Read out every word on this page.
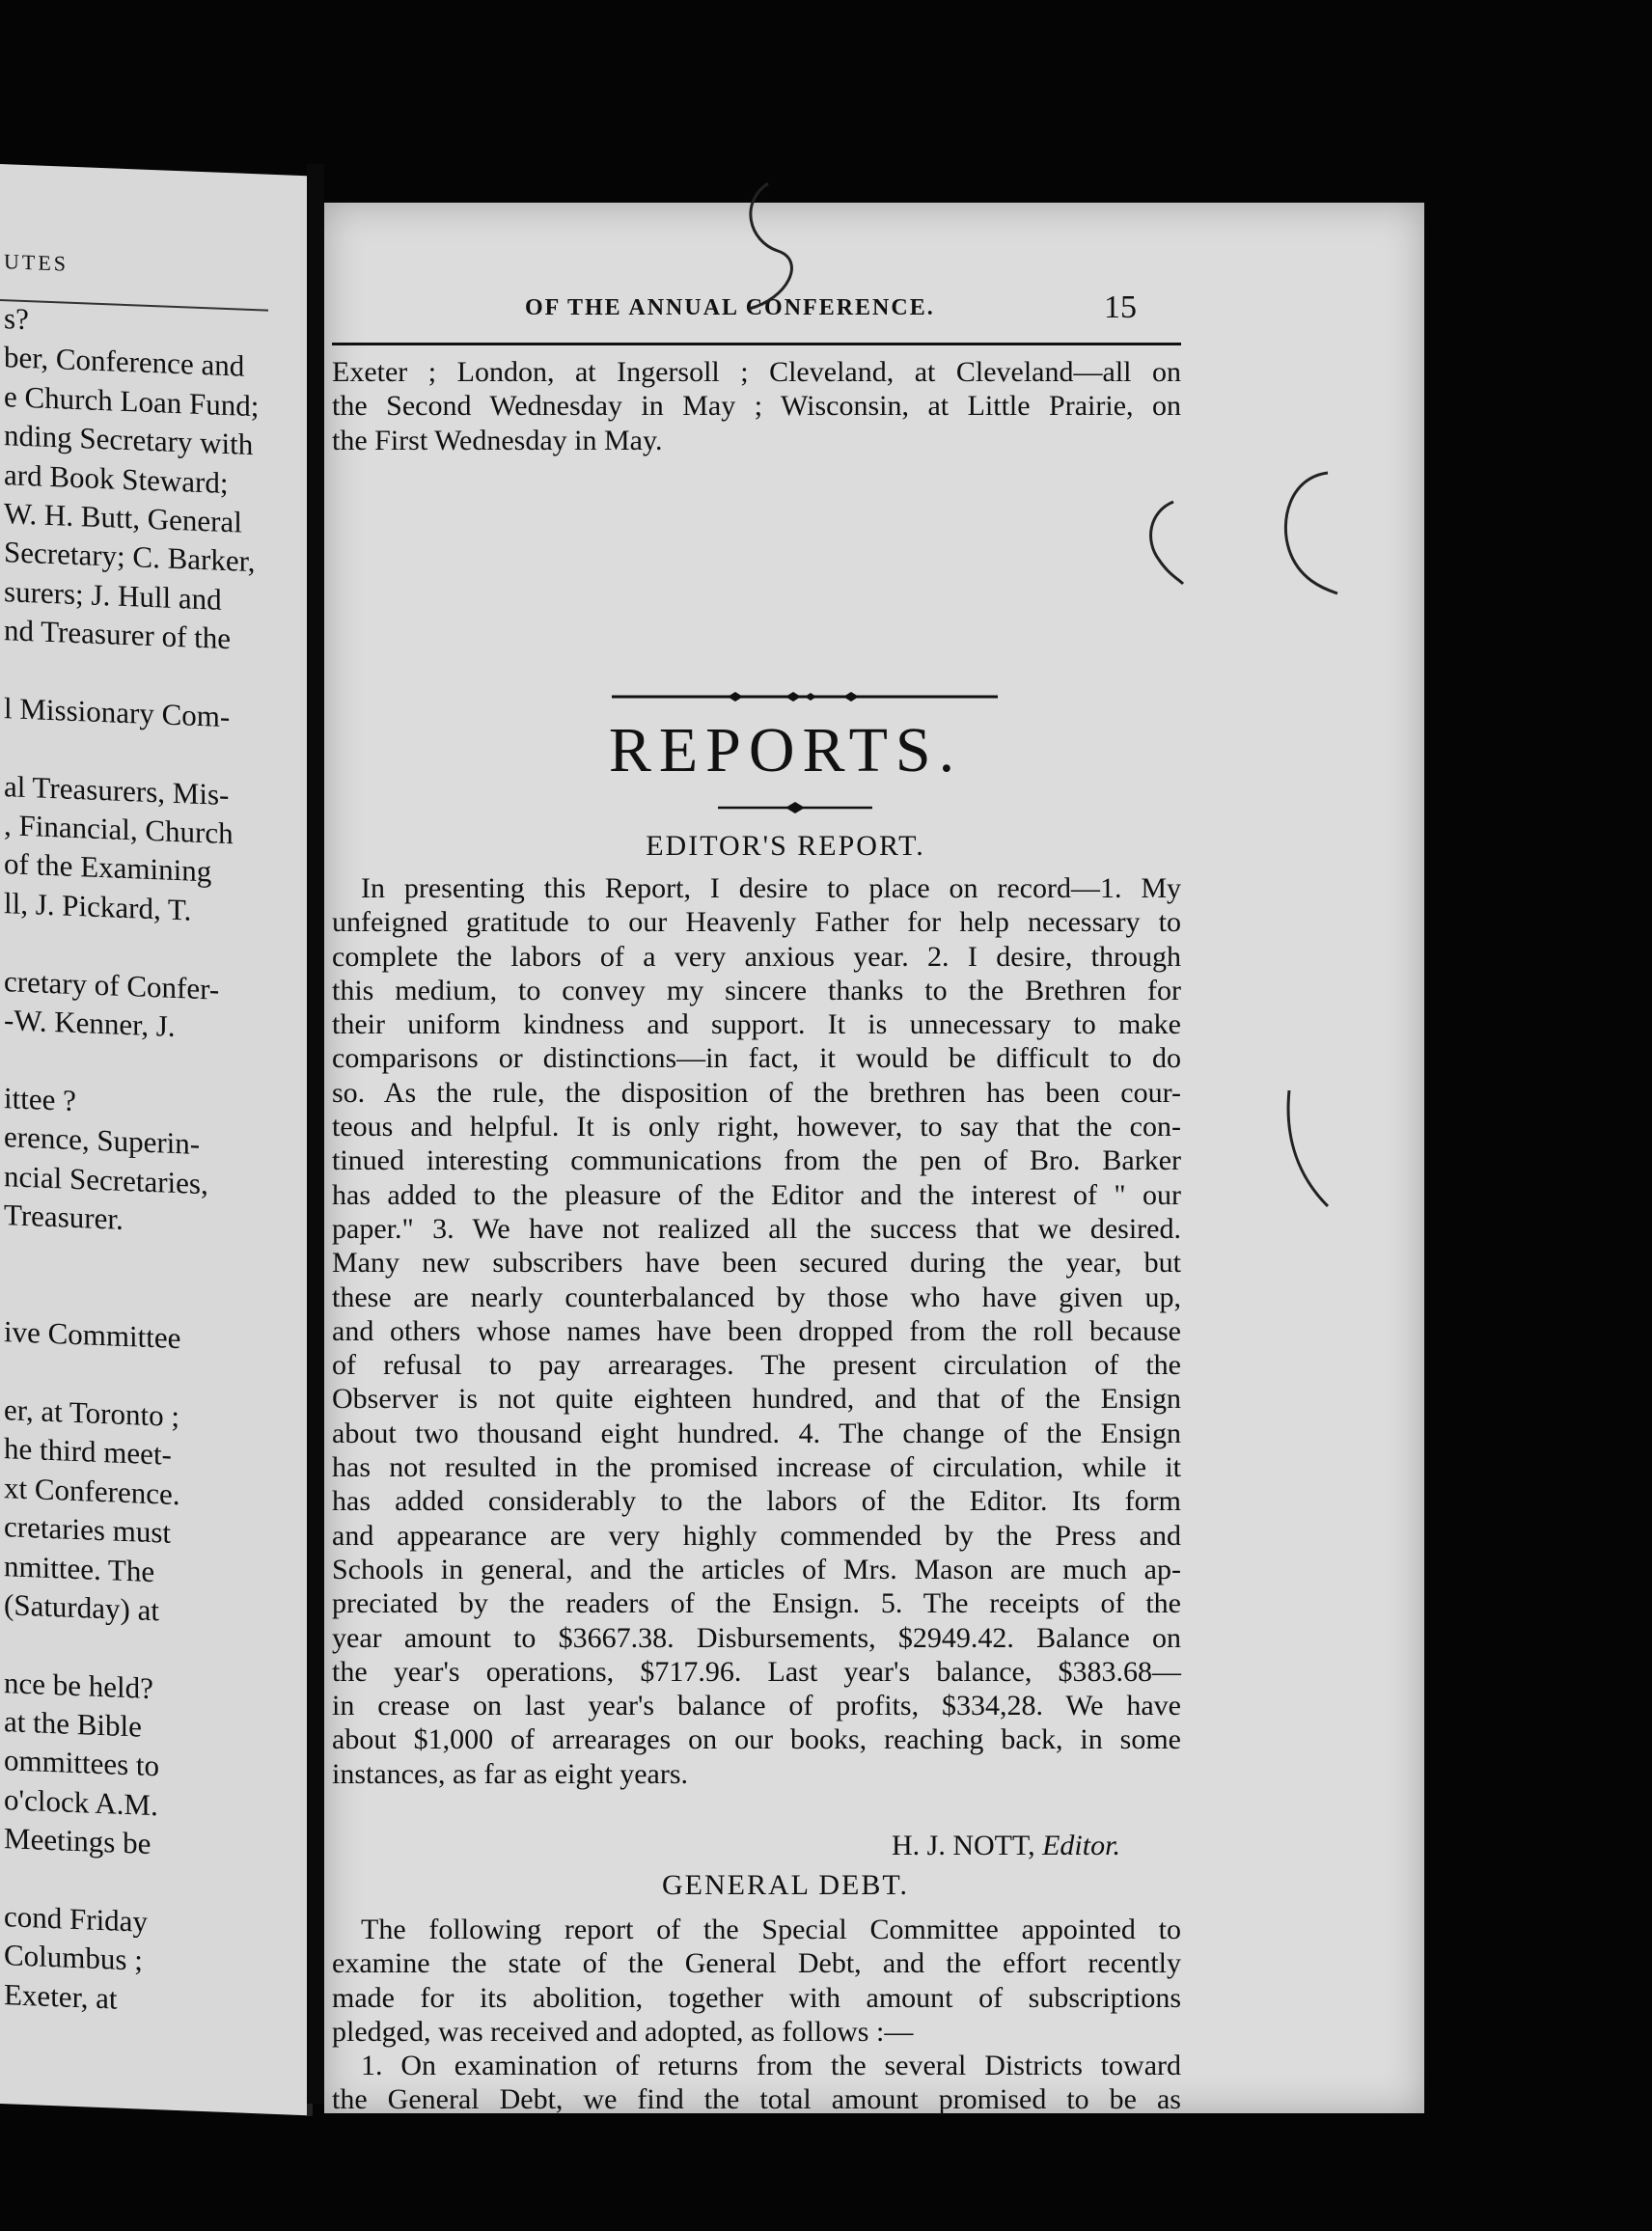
UTES
s?
ber, Conference and
e Church Loan Fund;
nding Secretary with
ard Book Steward;
W. H. Butt, General
Secretary; C. Barker,
surers; J. Hull and
nd Treasurer of the
l Missionary Com-
al Treasurers, Mis-
, Financial, Church
of the Examining
ll, J. Pickard, T.
cretary of Confer-
-W. Kenner, J.
ittee ?
erence, Superin-
ncial Secretaries,
Treasurer.
ive Committee
er, at Toronto ;
he third meet-
xt Conference.
cretaries must
nmittee. The
(Saturday) at
nce be held?
at the Bible
ommittees to
o'clock A.M.
Meetings be
cond Friday
Columbus ;
Exeter, at
OF THE ANNUAL CONFERENCE.	15
Exeter ; London, at Ingersoll ; Cleveland, at Cleveland—all on
the Second Wednesday in May ; Wisconsin, at Little Prairie, on
the First Wednesday in May.
REPORTS.
EDITOR'S REPORT.
In presenting this Report, I desire to place on record—1. My
unfeigned gratitude to our Heavenly Father for help necessary to
complete the labors of a very anxious year. 2. I desire, through
this medium, to convey my sincere thanks to the Brethren for
their uniform kindness and support. It is unnecessary to make
comparisons or distinctions—in fact, it would be difficult to do
so. As the rule, the disposition of the brethren has been cour-
teous and helpful. It is only right, however, to say that the con-
tinued interesting communications from the pen of Bro. Barker
has added to the pleasure of the Editor and the interest of " our
paper." 3. We have not realized all the success that we desired.
Many new subscribers have been secured during the year, but
these are nearly counterbalanced by those who have given up,
and others whose names have been dropped from the roll because
of refusal to pay arrearages. The present circulation of the
Observer is not quite eighteen hundred, and that of the Ensign
about two thousand eight hundred. 4. The change of the Ensign
has not resulted in the promised increase of circulation, while it
has added considerably to the labors of the Editor. Its form
and appearance are very highly commended by the Press and
Schools in general, and the articles of Mrs. Mason are much ap-
preciated by the readers of the Ensign. 5. The receipts of the
year amount to $3667.38. Disbursements, $2949.42. Balance on
the year's operations, $717.96. Last year's balance, $383.68—
in crease on last year's balance of profits, $334,28. We have
about $1,000 of arrearages on our books, reaching back, in some
instances, as far as eight years.
H. J. NOTT, Editor.
GENERAL DEBT.
The following report of the Special Committee appointed to
examine the state of the General Debt, and the effort recently
made for its abolition, together with amount of subscriptions
pledged, was received and adopted, as follows :—
1. On examination of returns from the several Districts toward
the General Debt, we find the total amount promised to be as
